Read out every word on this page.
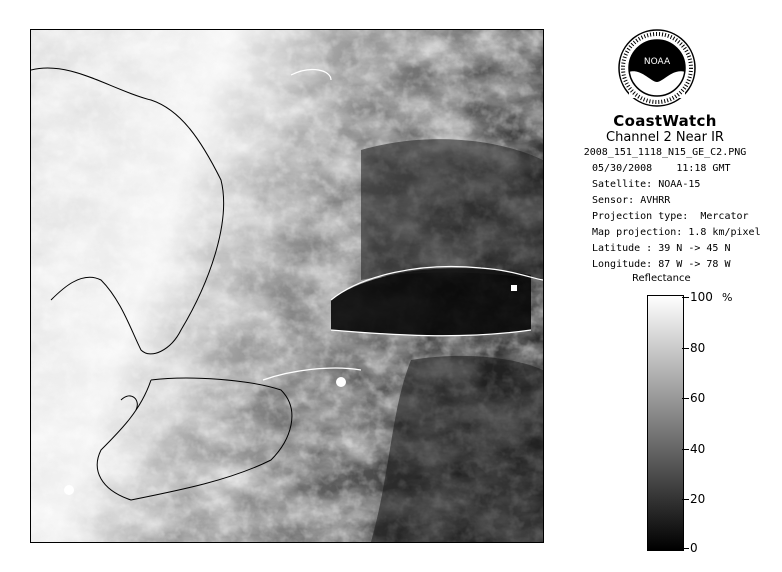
NOAA
CoastWatch
Channel 2 Near IR
2008_151_1118_N15_GE_C2.PNG
05/30/2008 11:18 GMT
Satellite: NOAA-15
Sensor: AVHRR
Projection type: Mercator
Map projection: 1.8 km/pixel
Latitude : 39 N -> 45 N
Longitude: 87 W -> 78 W
Reflectance
%
100
80
60
40
20
0
